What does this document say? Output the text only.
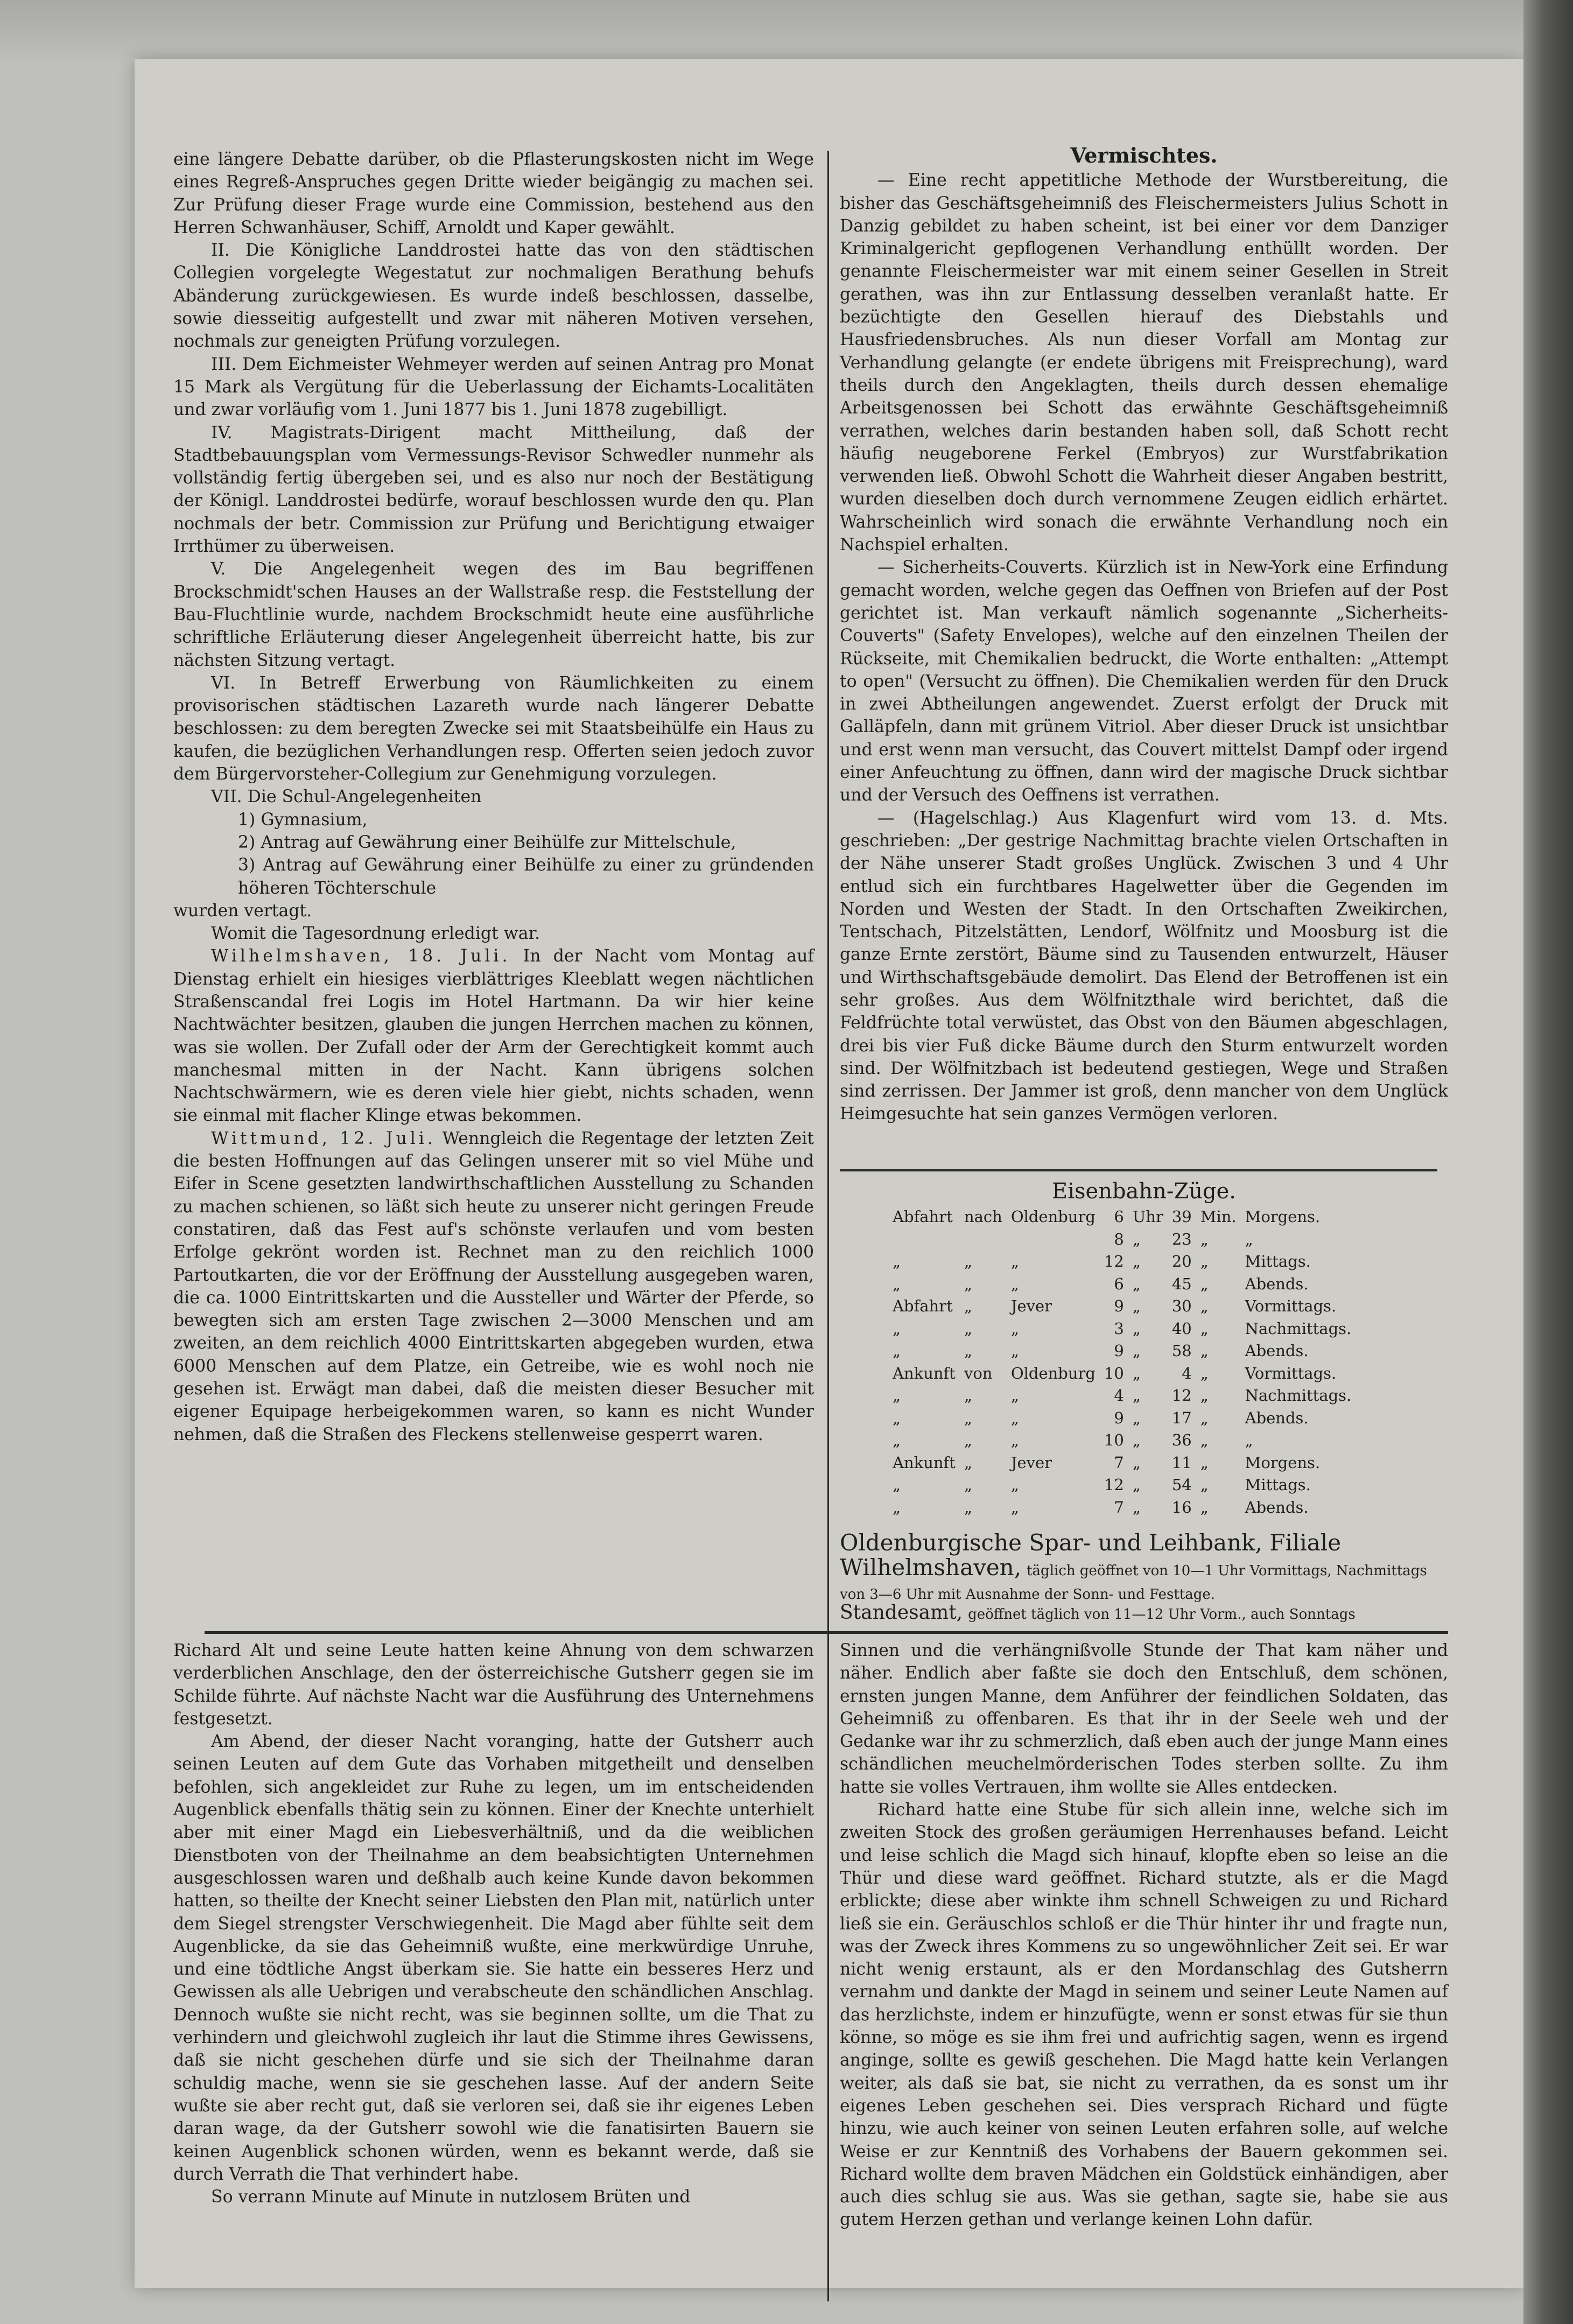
eine längere Debatte darüber, ob die Pflasterungskosten nicht im Wege eines Regreß-Anspruches gegen Dritte wieder beigängig zu machen sei. Zur Prüfung dieser Frage wurde eine Commission, bestehend aus den Herren Schwanhäuser, Schiff, Arnoldt und Kaper gewählt.

II. Die Königliche Landdrostei hatte das von den städtischen Collegien vorgelegte Wegestatut zur nochmaligen Berathung behufs Abänderung zurückgewiesen. Es wurde indeß beschlossen, dasselbe, sowie diesseitig aufgestellt und zwar mit näheren Motiven versehen, nochmals zur geneigten Prüfung vorzulegen.

III. Dem Eichmeister Wehmeyer werden auf seinen Antrag pro Monat 15 Mark als Vergütung für die Ueberlassung der Eichamts-Localitäten und zwar vorläufig vom 1. Juni 1877 bis 1. Juni 1878 zugebilligt.

IV. Magistrats-Dirigent macht Mittheilung, daß der Stadtbebauungsplan vom Vermessungs-Revisor Schwedler nunmehr als vollständig fertig übergeben sei, und es also nur noch der Bestätigung der Königl. Landdrostei bedürfe, worauf beschlossen wurde den qu. Plan nochmals der betr. Commission zur Prüfung und Berichtigung etwaiger Irrthümer zu überweisen.

V. Die Angelegenheit wegen des im Bau begriffenen Brockschmidt'schen Hauses an der Wallstraße resp. die Feststellung der Bau-Fluchtlinie wurde, nachdem Brockschmidt heute eine ausführliche schriftliche Erläuterung dieser Angelegenheit überreicht hatte, bis zur nächsten Sitzung vertagt.

VI. In Betreff Erwerbung von Räumlichkeiten zu einem provisorischen städtischen Lazareth wurde nach längerer Debatte beschlossen: zu dem beregten Zwecke sei mit Staatsbeihülfe ein Haus zu kaufen, die bezüglichen Verhandlungen resp. Offerten seien jedoch zuvor dem Bürgervorsteher-Collegium zur Genehmigung vorzulegen.

VII. Die Schul-Angelegenheiten

1) Gymnasium,

2) Antrag auf Gewährung einer Beihülfe zur Mittelschule,

3) Antrag auf Gewährung einer Beihülfe zu einer zu gründenden höheren Töchterschule

wurden vertagt.

Womit die Tagesordnung erledigt war.

Wilhelmshaven, 18. Juli. In der Nacht vom Montag auf Dienstag erhielt ein hiesiges vierblättriges Kleeblatt wegen nächtlichen Straßenscandal frei Logis im Hotel Hartmann. Da wir hier keine Nachtwächter besitzen, glauben die jungen Herrchen machen zu können, was sie wollen. Der Zufall oder der Arm der Gerechtigkeit kommt auch manchesmal mitten in der Nacht. Kann übrigens solchen Nachtschwärmern, wie es deren viele hier giebt, nichts schaden, wenn sie einmal mit flacher Klinge etwas bekommen.

Wittmund, 12. Juli. Wenngleich die Regentage der letzten Zeit die besten Hoffnungen auf das Gelingen unserer mit so viel Mühe und Eifer in Scene gesetzten landwirthschaftlichen Ausstellung zu Schanden zu machen schienen, so läßt sich heute zu unserer nicht geringen Freude constatiren, daß das Fest auf's schönste verlaufen und vom besten Erfolge gekrönt worden ist. Rechnet man zu den reichlich 1000 Partoutkarten, die vor der Eröffnung der Ausstellung ausgegeben waren, die ca. 1000 Eintrittskarten und die Aussteller und Wärter der Pferde, so bewegten sich am ersten Tage zwischen 2—3000 Menschen und am zweiten, an dem reichlich 4000 Eintrittskarten abgegeben wurden, etwa 6000 Menschen auf dem Platze, ein Getreibe, wie es wohl noch nie gesehen ist. Erwägt man dabei, daß die meisten dieser Besucher mit eigener Equipage herbeigekommen waren, so kann es nicht Wunder nehmen, daß die Straßen des Fleckens stellenweise gesperrt waren.

Vermischtes.

— Eine recht appetitliche Methode der Wurstbereitung, die bisher das Geschäftsgeheimniß des Fleischermeisters Julius Schott in Danzig gebildet zu haben scheint, ist bei einer vor dem Danziger Kriminalgericht gepflogenen Verhandlung enthüllt worden. Der genannte Fleischermeister war mit einem seiner Gesellen in Streit gerathen, was ihn zur Entlassung desselben veranlaßt hatte. Er bezüchtigte den Gesellen hierauf des Diebstahls und Hausfriedensbruches. Als nun dieser Vorfall am Montag zur Verhandlung gelangte (er endete übrigens mit Freisprechung), ward theils durch den Angeklagten, theils durch dessen ehemalige Arbeitsgenossen bei Schott das erwähnte Geschäftsgeheimniß verrathen, welches darin bestanden haben soll, daß Schott recht häufig neugeborene Ferkel (Embryos) zur Wurstfabrikation verwenden ließ. Obwohl Schott die Wahrheit dieser Angaben bestritt, wurden dieselben doch durch vernommene Zeugen eidlich erhärtet. Wahrscheinlich wird sonach die erwähnte Verhandlung noch ein Nachspiel erhalten.

— Sicherheits-Couverts. Kürzlich ist in New-York eine Erfindung gemacht worden, welche gegen das Oeffnen von Briefen auf der Post gerichtet ist. Man verkauft nämlich sogenannte „Sicherheits-Couverts" (Safety Envelopes), welche auf den einzelnen Theilen der Rückseite, mit Chemikalien bedruckt, die Worte enthalten: „Attempt to open" (Versucht zu öffnen). Die Chemikalien werden für den Druck in zwei Abtheilungen angewendet. Zuerst erfolgt der Druck mit Galläpfeln, dann mit grünem Vitriol. Aber dieser Druck ist unsichtbar und erst wenn man versucht, das Couvert mittelst Dampf oder irgend einer Anfeuchtung zu öffnen, dann wird der magische Druck sichtbar und der Versuch des Oeffnens ist verrathen.

— (Hagelschlag.) Aus Klagenfurt wird vom 13. d. Mts. geschrieben: „Der gestrige Nachmittag brachte vielen Ortschaften in der Nähe unserer Stadt großes Unglück. Zwischen 3 und 4 Uhr entlud sich ein furchtbares Hagelwetter über die Gegenden im Norden und Westen der Stadt. In den Ortschaften Zweikirchen, Tentschach, Pitzelstätten, Lendorf, Wölfnitz und Moosburg ist die ganze Ernte zerstört, Bäume sind zu Tausenden entwurzelt, Häuser und Wirthschaftsgebäude demolirt. Das Elend der Betroffenen ist ein sehr großes. Aus dem Wölfnitzthale wird berichtet, daß die Feldfrüchte total verwüstet, das Obst von den Bäumen abgeschlagen, drei bis vier Fuß dicke Bäume durch den Sturm entwurzelt worden sind. Der Wölfnitzbach ist bedeutend gestiegen, Wege und Straßen sind zerrissen. Der Jammer ist groß, denn mancher von dem Unglück Heimgesuchte hat sein ganzes Vermögen verloren.

Eisenbahn-Züge.
Abfahrt	nach	Oldenburg	6	Uhr	39	Min.	Morgens.
			8	„	23	„	„
„	„	„	12	„	20	„	Mittags.
„	„	„	6	„	45	„	Abends.
Abfahrt	„	Jever	9	„	30	„	Vormittags.
„	„	„	3	„	40	„	Nachmittags.
„	„	„	9	„	58	„	Abends.
Ankunft	von	Oldenburg	10	„	4	„	Vormittags.
„	„	„	4	„	12	„	Nachmittags.
„	„	„	9	„	17	„	Abends.
„	„	„	10	„	36	„	„
Ankunft	„	Jever	7	„	11	„	Morgens.
„	„	„	12	„	54	„	Mittags.
„	„	„	7	„	16	„	Abends.
Oldenburgische Spar- und Leihbank, Filiale Wilhelmshaven, täglich geöffnet von 10—1 Uhr Vormittags, Nachmittags von 3—6 Uhr mit Ausnahme der Sonn- und Festtage.
Standesamt, geöffnet täglich von 11—12 Uhr Vorm., auch Sonntags

Richard Alt und seine Leute hatten keine Ahnung von dem schwarzen verderblichen Anschlage, den der österreichische Gutsherr gegen sie im Schilde führte. Auf nächste Nacht war die Ausführung des Unternehmens festgesetzt.

Am Abend, der dieser Nacht voranging, hatte der Gutsherr auch seinen Leuten auf dem Gute das Vorhaben mitgetheilt und denselben befohlen, sich angekleidet zur Ruhe zu legen, um im entscheidenden Augenblick ebenfalls thätig sein zu können. Einer der Knechte unterhielt aber mit einer Magd ein Liebesverhältniß, und da die weiblichen Dienstboten von der Theilnahme an dem beabsichtigten Unternehmen ausgeschlossen waren und deßhalb auch keine Kunde davon bekommen hatten, so theilte der Knecht seiner Liebsten den Plan mit, natürlich unter dem Siegel strengster Verschwiegenheit. Die Magd aber fühlte seit dem Augenblicke, da sie das Geheimniß wußte, eine merkwürdige Unruhe, und eine tödtliche Angst überkam sie. Sie hatte ein besseres Herz und Gewissen als alle Uebrigen und verabscheute den schändlichen Anschlag. Dennoch wußte sie nicht recht, was sie beginnen sollte, um die That zu verhindern und gleichwohl zugleich ihr laut die Stimme ihres Gewissens, daß sie nicht geschehen dürfe und sie sich der Theilnahme daran schuldig mache, wenn sie sie geschehen lasse. Auf der andern Seite wußte sie aber recht gut, daß sie verloren sei, daß sie ihr eigenes Leben daran wage, da der Gutsherr sowohl wie die fanatisirten Bauern sie keinen Augenblick schonen würden, wenn es bekannt werde, daß sie durch Verrath die That verhindert habe.

So verrann Minute auf Minute in nutzlosem Brüten und

Sinnen und die verhängnißvolle Stunde der That kam näher und näher. Endlich aber faßte sie doch den Entschluß, dem schönen, ernsten jungen Manne, dem Anführer der feindlichen Soldaten, das Geheimniß zu offenbaren. Es that ihr in der Seele weh und der Gedanke war ihr zu schmerzlich, daß eben auch der junge Mann eines schändlichen meuchelmörderischen Todes sterben sollte. Zu ihm hatte sie volles Vertrauen, ihm wollte sie Alles entdecken.

Richard hatte eine Stube für sich allein inne, welche sich im zweiten Stock des großen geräumigen Herrenhauses befand. Leicht und leise schlich die Magd sich hinauf, klopfte eben so leise an die Thür und diese ward geöffnet. Richard stutzte, als er die Magd erblickte; diese aber winkte ihm schnell Schweigen zu und Richard ließ sie ein. Geräuschlos schloß er die Thür hinter ihr und fragte nun, was der Zweck ihres Kommens zu so ungewöhnlicher Zeit sei. Er war nicht wenig erstaunt, als er den Mordanschlag des Gutsherrn vernahm und dankte der Magd in seinem und seiner Leute Namen auf das herzlichste, indem er hinzufügte, wenn er sonst etwas für sie thun könne, so möge es sie ihm frei und aufrichtig sagen, wenn es irgend anginge, sollte es gewiß geschehen. Die Magd hatte kein Verlangen weiter, als daß sie bat, sie nicht zu verrathen, da es sonst um ihr eigenes Leben geschehen sei. Dies versprach Richard und fügte hinzu, wie auch keiner von seinen Leuten erfahren solle, auf welche Weise er zur Kenntniß des Vorhabens der Bauern gekommen sei. Richard wollte dem braven Mädchen ein Goldstück einhändigen, aber auch dies schlug sie aus. Was sie gethan, sagte sie, habe sie aus gutem Herzen gethan und verlange keinen Lohn dafür.
